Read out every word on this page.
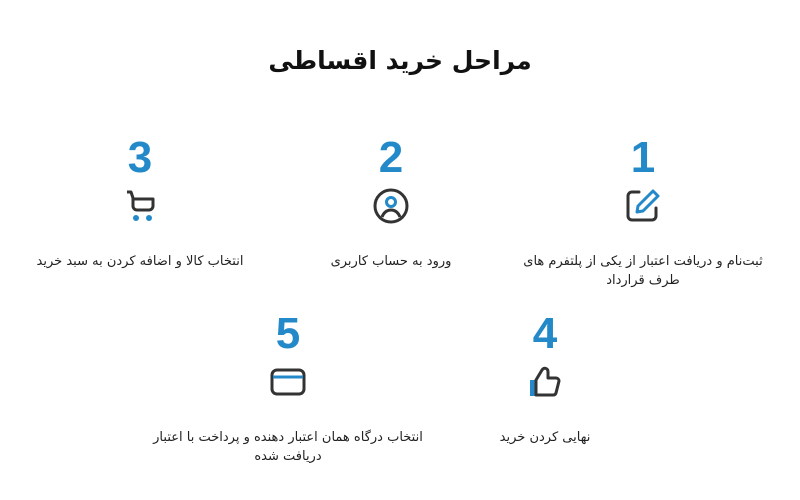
مراحل خرید اقساطی
1
ثبت‌نام و دریافت اعتبار از یکی از پلتفرم های طرف قرارداد
2
ورود به حساب کاربری
3
انتخاب کالا و اضافه کردن به سبد خرید
4
نهایی کردن خرید
5
انتخاب درگاه همان اعتبار دهنده و پرداخت با اعتبار دریافت شده
